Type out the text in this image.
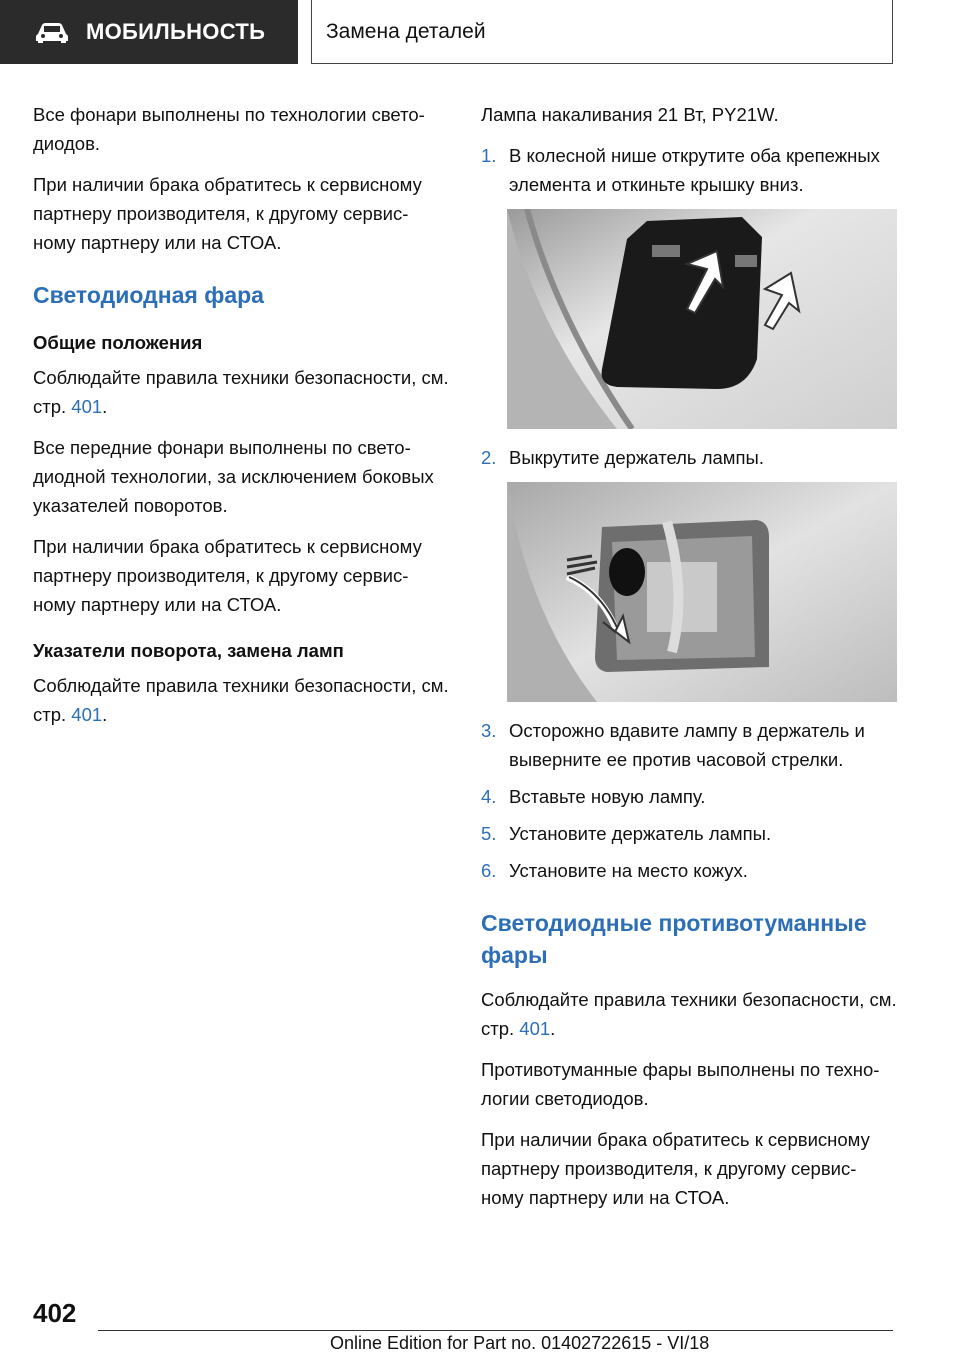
МОБИЛЬНОСТЬ	Замена деталей

Все фонари выполнены по технологии свето-диодов.

При наличии брака обратитесь к сервисному партнеру производителя, к другому сервис-ному партнеру или на СТОА.

Светодиодная фара
Общие положения

Соблюдайте правила техники безопасности, см. стр. 401.

Все передние фонари выполнены по свето-диодной технологии, за исключением боковых указателей поворотов.

При наличии брака обратитесь к сервисному партнеру производителя, к другому сервис-ному партнеру или на СТОА.

Указатели поворота, замена ламп

Соблюдайте правила техники безопасности, см. стр. 401.

Лампа накаливания 21 Вт, PY21W.

1. В колесной нише открутите оба крепежных элемента и откиньте крышку вниз.
2. Выкрутите держатель лампы.
3. Осторожно вдавите лампу в держатель и выверните ее против часовой стрелки.
4. Вставьте новую лампу.
5. Установите держатель лампы.
6. Установите на место кожух.
Светодиодные противотуманные фары

Соблюдайте правила техники безопасности, см. стр. 401.

Противотуманные фары выполнены по техно-логии светодиодов.

При наличии брака обратитесь к сервисному партнеру производителя, к другому сервис-ному партнеру или на СТОА.

402
Online Edition for Part no. 01402722615 - VI/18
